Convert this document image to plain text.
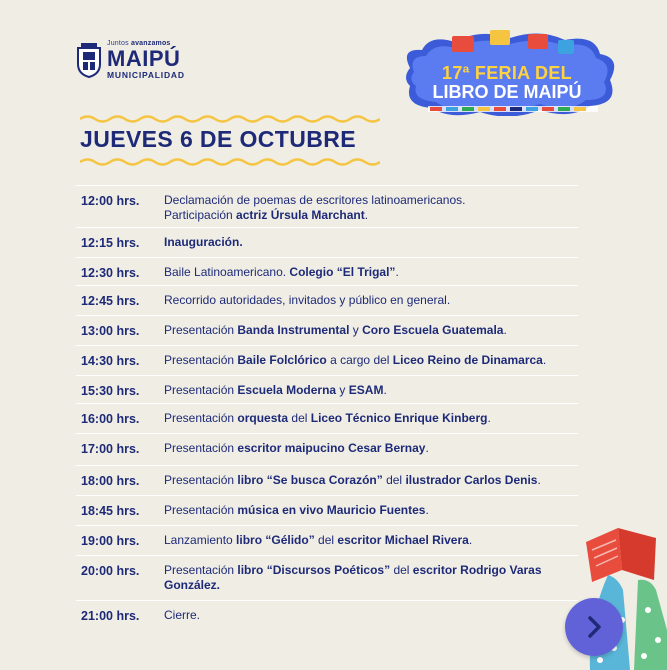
Juntos avanzamos
MAIPÚ
MUNICIPALIDAD	17ª FERIA DEL
LIBRO DE MAIPÚ
JUEVES 6 DE OCTUBRE
12:00 hrs. Declamación de poemas de escritores latinoamericanos.
Participación actriz Úrsula Marchant.
12:15 hrs. Inauguración.
12:30 hrs. Baile Latinoamericano. Colegio “El Trigal”.
12:45 hrs. Recorrido autoridades, invitados y público en general.
13:00 hrs. Presentación Banda Instrumental y Coro Escuela Guatemala.
14:30 hrs. Presentación Baile Folclórico a cargo del Liceo Reino de Dinamarca.
15:30 hrs. Presentación Escuela Moderna y ESAM.
16:00 hrs. Presentación orquesta del Liceo Técnico Enrique Kinberg.
17:00 hrs. Presentación escritor maipucino Cesar Bernay.
18:00 hrs. Presentación libro “Se busca Corazón” del ilustrador Carlos Denis.
18:45 hrs. Presentación música en vivo Mauricio Fuentes.
19:00 hrs. Lanzamiento libro “Gélido” del escritor Michael Rivera.
20:00 hrs. Presentación libro “Discursos Poéticos” del escritor Rodrigo Varas González.
21:00 hrs. Cierre.
